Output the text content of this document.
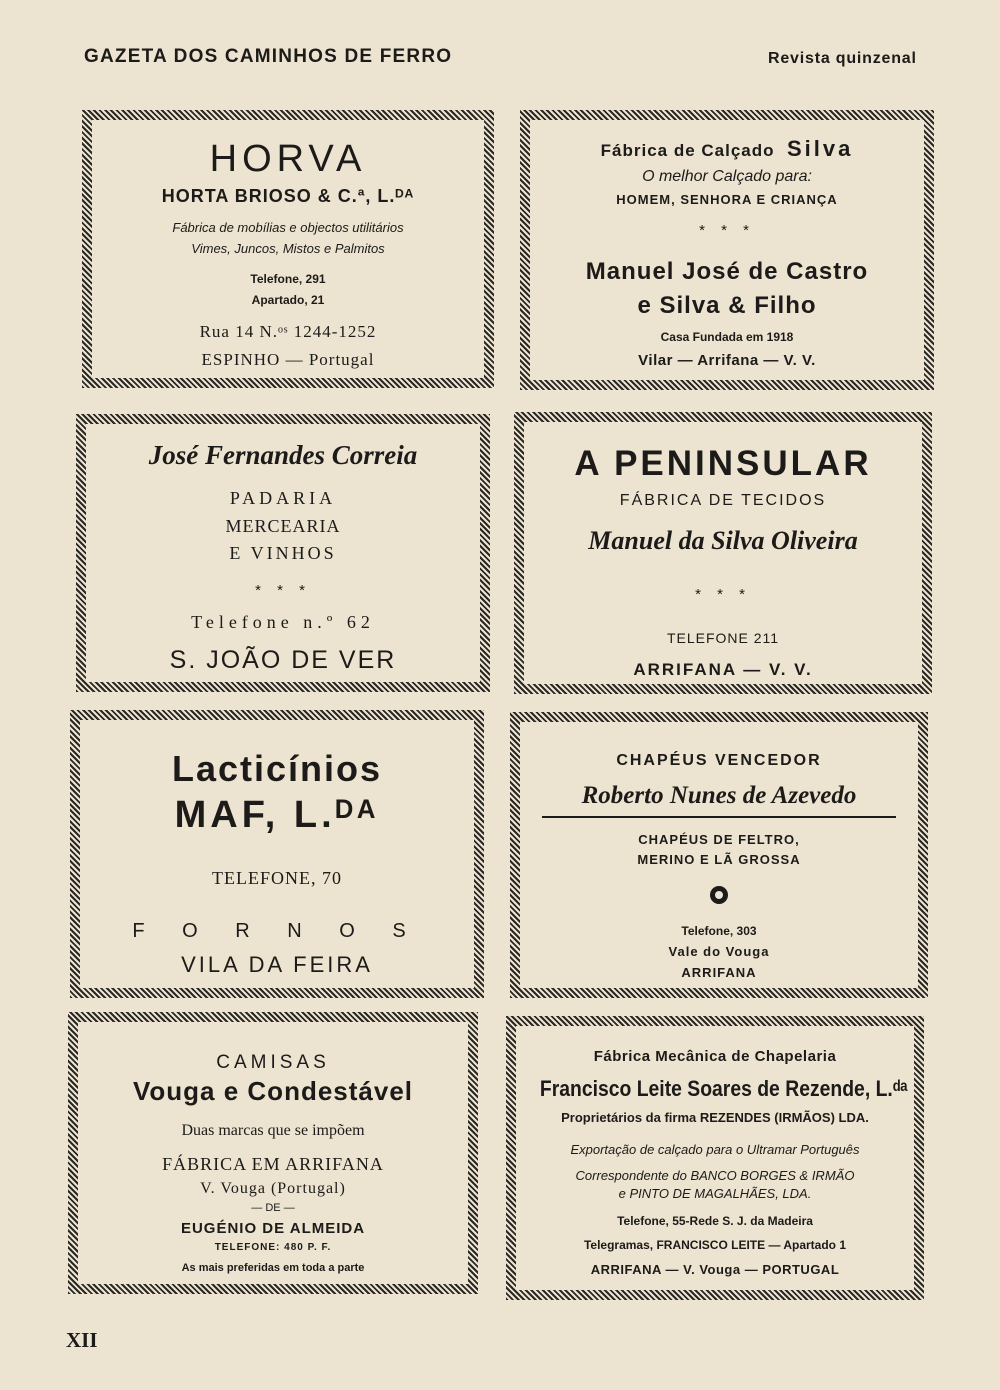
GAZETA DOS CAMINHOS DE FERRO	Revista quinzenal
HORVA
HORTA BRIOSO & C.ª, L.ᴰᴬ
Fábrica de mobílias e objectos utilitários
Vimes, Juncos, Mistos e Palmitos
Telefone, 291
Apartado, 21
Rua 14 N.ᵒˢ 1244-1252
ESPINHO — Portugal
Fábrica de Calçado Silva
O melhor Calçado para:
HOMEM, SENHORA E CRIANÇA
* * *
Manuel José de Castro
e Silva & Filho
Casa Fundada em 1918
Vilar — Arrifana — V. V.
José Fernandes Correia
PADARIA
MERCEARIA
E VINHOS
* * *
Telefone n.º 62
S. JOÃO DE VER
A PENINSULAR
FÁBRICA DE TECIDOS
Manuel da Silva Oliveira
* * *
TELEFONE 211
ARRIFANA — V. V.
Lacticínios
MAF, L.ᴰᴬ
TELEFONE, 70
F O R N O S
VILA DA FEIRA
CHAPÉUS VENCEDOR
Roberto Nunes de Azevedo
CHAPÉUS DE FELTRO,
MERINO E LÃ GROSSA
Telefone, 303
Vale do Vouga
ARRIFANA
CAMISAS
Vouga e Condestável
Duas marcas que se impõem
FÁBRICA EM ARRIFANA
V. Vouga (Portugal)
— DE —
EUGÉNIO DE ALMEIDA
TELEFONE: 480 P. F.
As mais preferidas em toda a parte
Fábrica Mecânica de Chapelaria
Francisco Leite Soares de Rezende, L.ᵈᵃ
Proprietários da firma REZENDES (IRMÃOS) LDA.
Exportação de calçado para o Ultramar Português
Correspondente do BANCO BORGES & IRMÃO
e PINTO DE MAGALHÃES, LDA.
Telefone, 55-Rede S. J. da Madeira
Telegramas, FRANCISCO LEITE — Apartado 1
ARRIFANA — V. Vouga — PORTUGAL
XII
